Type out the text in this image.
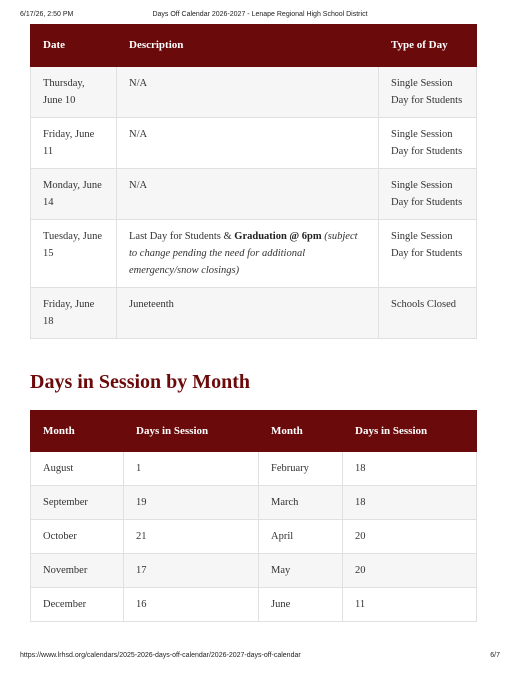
6/17/26, 2:50 PM	Days Off Calendar 2026-2027 - Lenape Regional High School District
Date	Description	Type of Day
Thursday, June 10	N/A	Single Session Day for Students
Friday, June 11	N/A	Single Session Day for Students
Monday, June 14	N/A	Single Session Day for Students
Tuesday, June 15	Last Day for Students & Graduation @ 6pm (subject to change pending the need for additional emergency/snow closings)	Single Session Day for Students
Friday, June 18	Juneteenth	Schools Closed
Days in Session by Month
Month	Days in Session	Month	Days in Session
August	1	February	18
September	19	March	18
October	21	April	20
November	17	May	20
December	16	June	11
https://www.lrhsd.org/calendars/2025-2026-days-off-calendar/2026-2027-days-off-calendar	6/7
